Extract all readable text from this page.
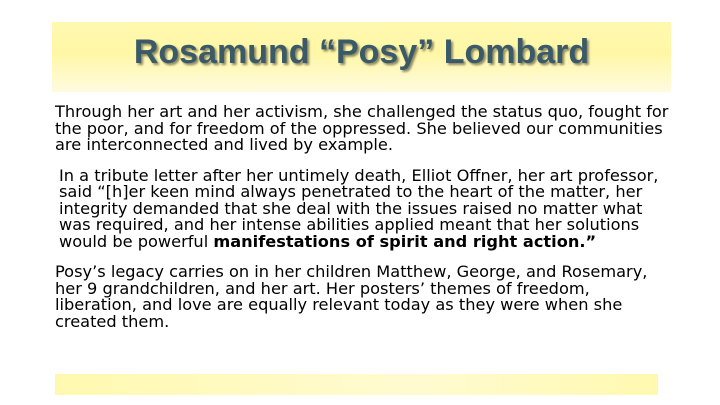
Rosamund “Posy” Lombard

Through her art and her activism, she challenged the status quo, fought for the poor, and for freedom of the oppressed. She believed our communities are interconnected and lived by example.

In a tribute letter after her untimely death, Elliot Offner, her art professor, said “[h]er keen mind always penetrated to the heart of the matter, her integrity demanded that she deal with the issues raised no matter what was required, and her intense abilities applied meant that her solutions would be powerful manifestations of spirit and right action.”

Posy’s legacy carries on in her children Matthew, George, and Rosemary, her 9 grandchildren, and her art. Her posters’ themes of freedom, liberation, and love are equally relevant today as they were when she created them.
